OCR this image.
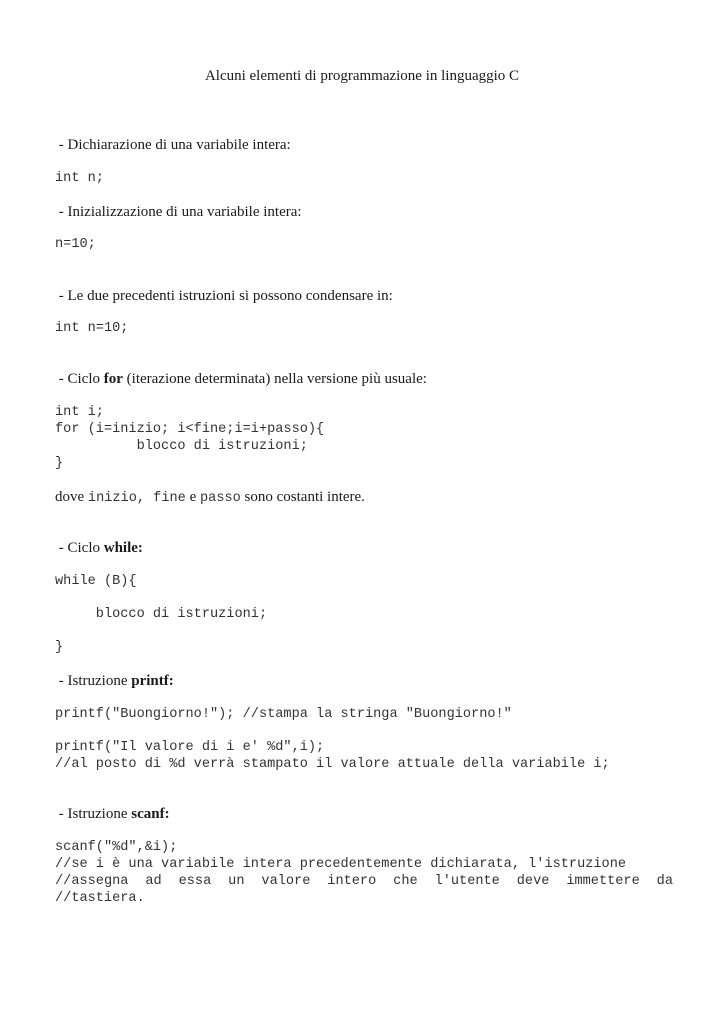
Alcuni elementi di programmazione in linguaggio C
- Dichiarazione di una variabile intera:
int n;
- Inizializzazione di una variabile intera:
n=10;
- Le due precedenti istruzioni si possono condensare in:
int n=10;
- Ciclo for (iterazione determinata) nella versione più usuale:
int i;
for (i=inizio; i<fine;i=i+passo){
blocco di istruzioni;
}
dove inizio, fine e passo sono costanti intere.
- Ciclo while:
while (B){
blocco di istruzioni;
}
- Istruzione printf:
printf("Buongiorno!"); //stampa la stringa "Buongiorno!"
printf("Il valore di i e' %d",i);
//al posto di %d verrà stampato il valore attuale della variabile i;
- Istruzione scanf:
scanf("%d",&i);
//se i è una variabile intera precedentemente dichiarata, l'istruzione
//assegna ad essa un valore intero che l'utente deve immettere da
//tastiera.
